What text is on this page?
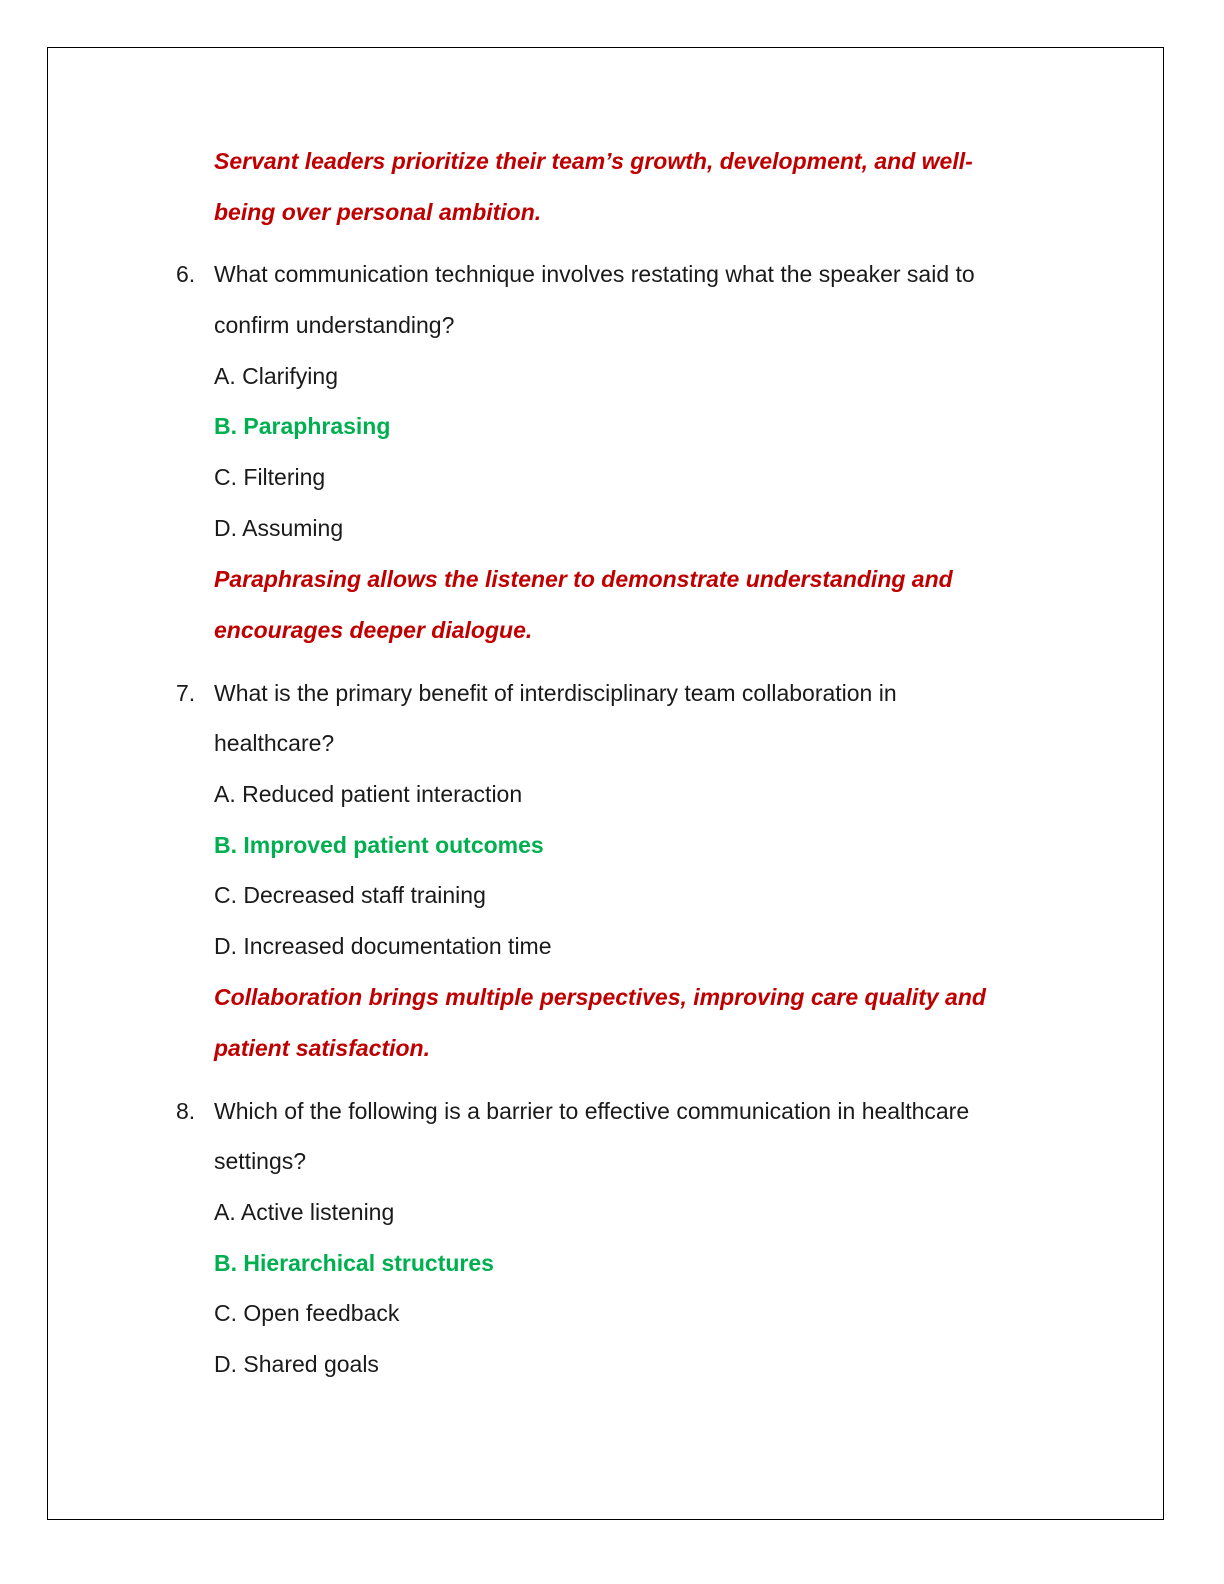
Servant leaders prioritize their team’s growth, development, and well-
being over personal ambition.
6. What communication technique involves restating what the speaker said to
confirm understanding?
A. Clarifying
B. Paraphrasing
C. Filtering
D. Assuming
Paraphrasing allows the listener to demonstrate understanding and
encourages deeper dialogue.
7. What is the primary benefit of interdisciplinary team collaboration in
healthcare?
A. Reduced patient interaction
B. Improved patient outcomes
C. Decreased staff training
D. Increased documentation time
Collaboration brings multiple perspectives, improving care quality and
patient satisfaction.
8. Which of the following is a barrier to effective communication in healthcare
settings?
A. Active listening
B. Hierarchical structures
C. Open feedback
D. Shared goals
